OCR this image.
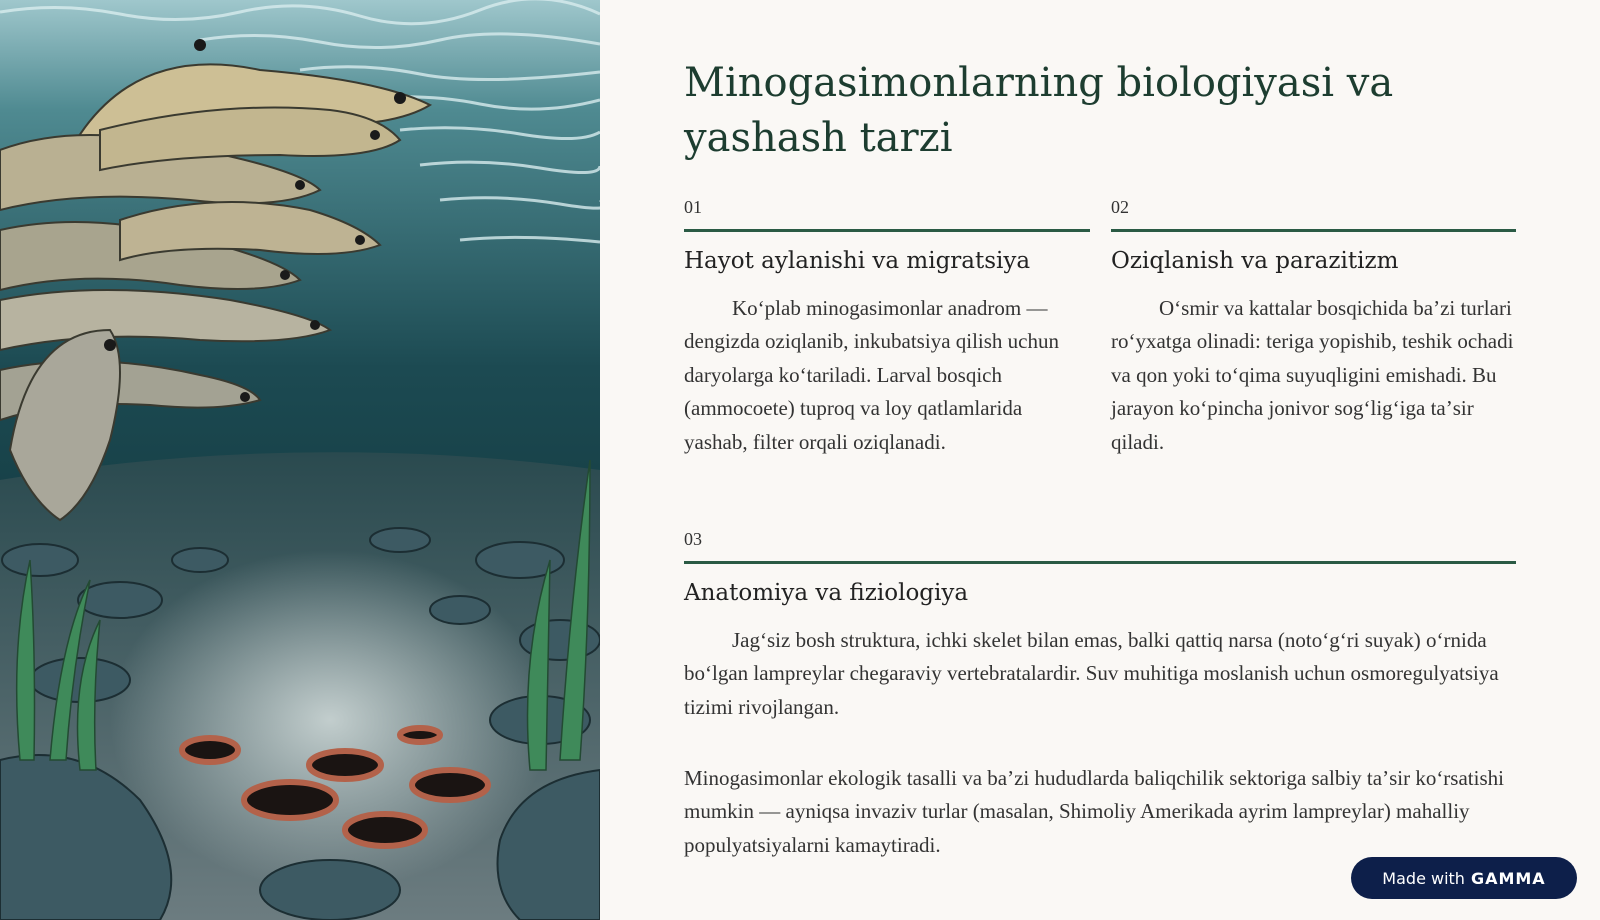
Minogasimonlarning biologiyasi va yashash tarzi
01
Hayot aylanishi va migratsiya

Koʻplab minogasimonlar anadrom — dengizda oziqlanib, inkubatsiya qilish uchun daryolarga koʻtariladi. Larval bosqich (ammocoete) tuproq va loy qatlamlarida yashab, filter orqali oziqlanadi.

02
Oziqlanish va parazitizm

Oʻsmir va kattalar bosqichida baʼzi turlari roʻyxatga olinadi: teriga yopishib, teshik ochadi va qon yoki toʻqima suyuqligini emishadi. Bu jarayon koʻpincha jonivor sogʻligʻiga taʼsir qiladi.

03
Anatomiya va fiziologiya

Jagʻsiz bosh struktura, ichki skelet bilan emas, balki qattiq narsa (notoʻgʻri suyak) oʻrnida boʻlgan lampreylar chegaraviy vertebratalardir. Suv muhitiga moslanish uchun osmoregulyatsiya tizimi rivojlangan.

Minogasimonlar ekologik tasalli va baʼzi hududlarda baliqchilik sektoriga salbiy taʼsir koʻrsatishi mumkin — ayniqsa invaziv turlar (masalan, Shimoliy Amerikada ayrim lampreylar) mahalliy populyatsiyalarni kamaytiradi.

Made with GAMMA
